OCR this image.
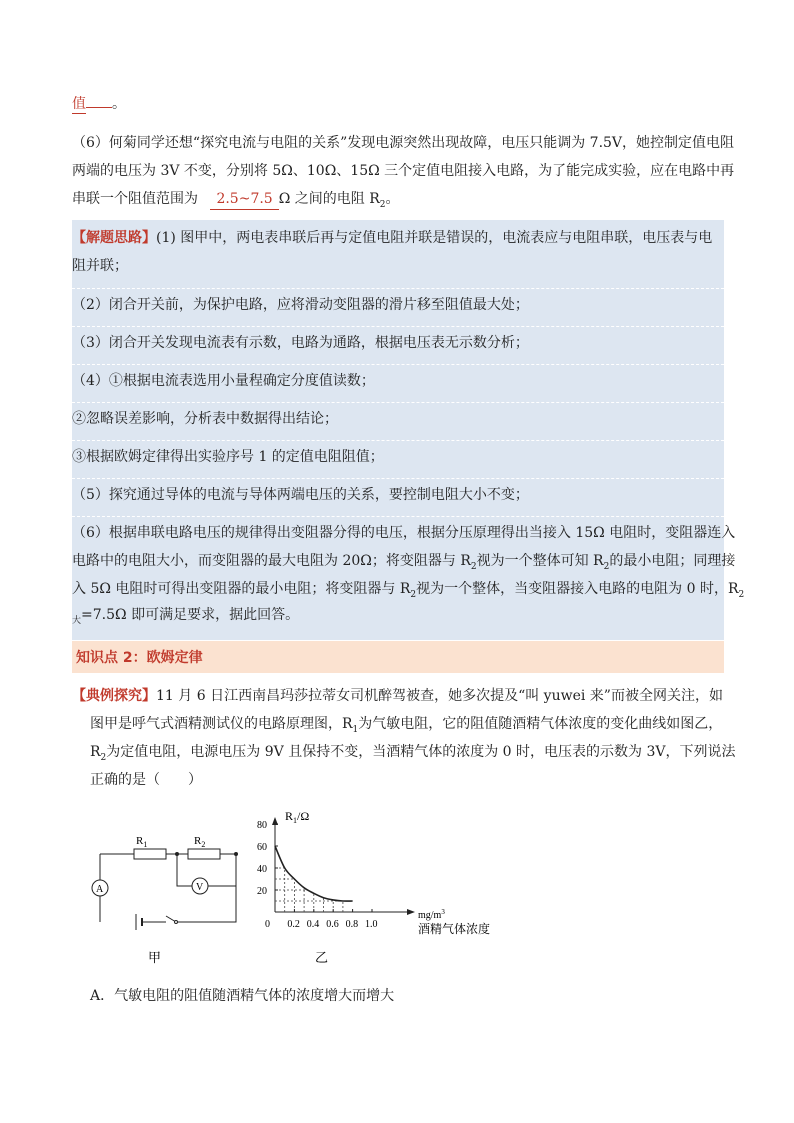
值 。
（6）何菊同学还想“探究电流与电阻的关系”发现电源突然出现故障，电压只能调为 7.5V，她控制定值电阻
两端的电压为 3V 不变，分别将 5Ω、10Ω、15Ω 三个定值电阻接入电路，为了能完成实验，应在电路中再
串联一个阻值范围为 2.5~7.5 Ω 之间的电阻 $R_2$。
【解题思路】(1) 图甲中，两电表串联后再与定值电阻并联是错误的，电流表应与电阻串联，电压表与电
阻并联；
（2）闭合开关前，为保护电路，应将滑动变阻器的滑片移至阻值最大处；
（3）闭合开关发现电流表有示数，电路为通路，根据电压表无示数分析；
（4）①根据电流表选用小量程确定分度值读数；
②忽略误差影响，分析表中数据得出结论；
③根据欧姆定律得出实验序号 1 的定值电阻阻值；
（5）探究通过导体的电流与导体两端电压的关系，要控制电阻大小不变；
（6）根据串联电路电压的规律得出变阻器分得的电压，根据分压原理得出当接入 15Ω 电阻时，变阻器连入
电路中的电阻大小，而变阻器的最大电阻为 20Ω；将变阻器与 $R_2$视为一个整体可知 $R_2$的最小电阻；同理接
入 5Ω 电阻时可得出变阻器的最小电阻；将变阻器与 $R_2$视为一个整体，当变阻器接入电路的电阻为 0 时，$R_2$
$_大$=7.5Ω 即可满足要求，据此回答。
知识点 2：欧姆定律
【典例探究】11 月 6 日江西南昌玛莎拉蒂女司机醉驾被查，她多次提及“叫 yuwei 来”而被全网关注，如
图甲是呼气式酒精测试仪的电路原理图，$R_1$为气敏电阻，它的阻值随酒精气体浓度的变化曲线如图乙，
$R_2$为定值电阻，电源电压为 9V 且保持不变，当酒精气体的浓度为 0 时，电压表的示数为 3V，下列说法
正确的是（　　）
$R_1$	$R_2$
V
A
甲
20
40
60
80
0.2 0.4 0.6 0.8 1.0
$R_1/\Omega$
$mg/m^3$
酒精气体浓度
0
乙
A．气敏电阻的阻值随酒精气体的浓度增大而增大
